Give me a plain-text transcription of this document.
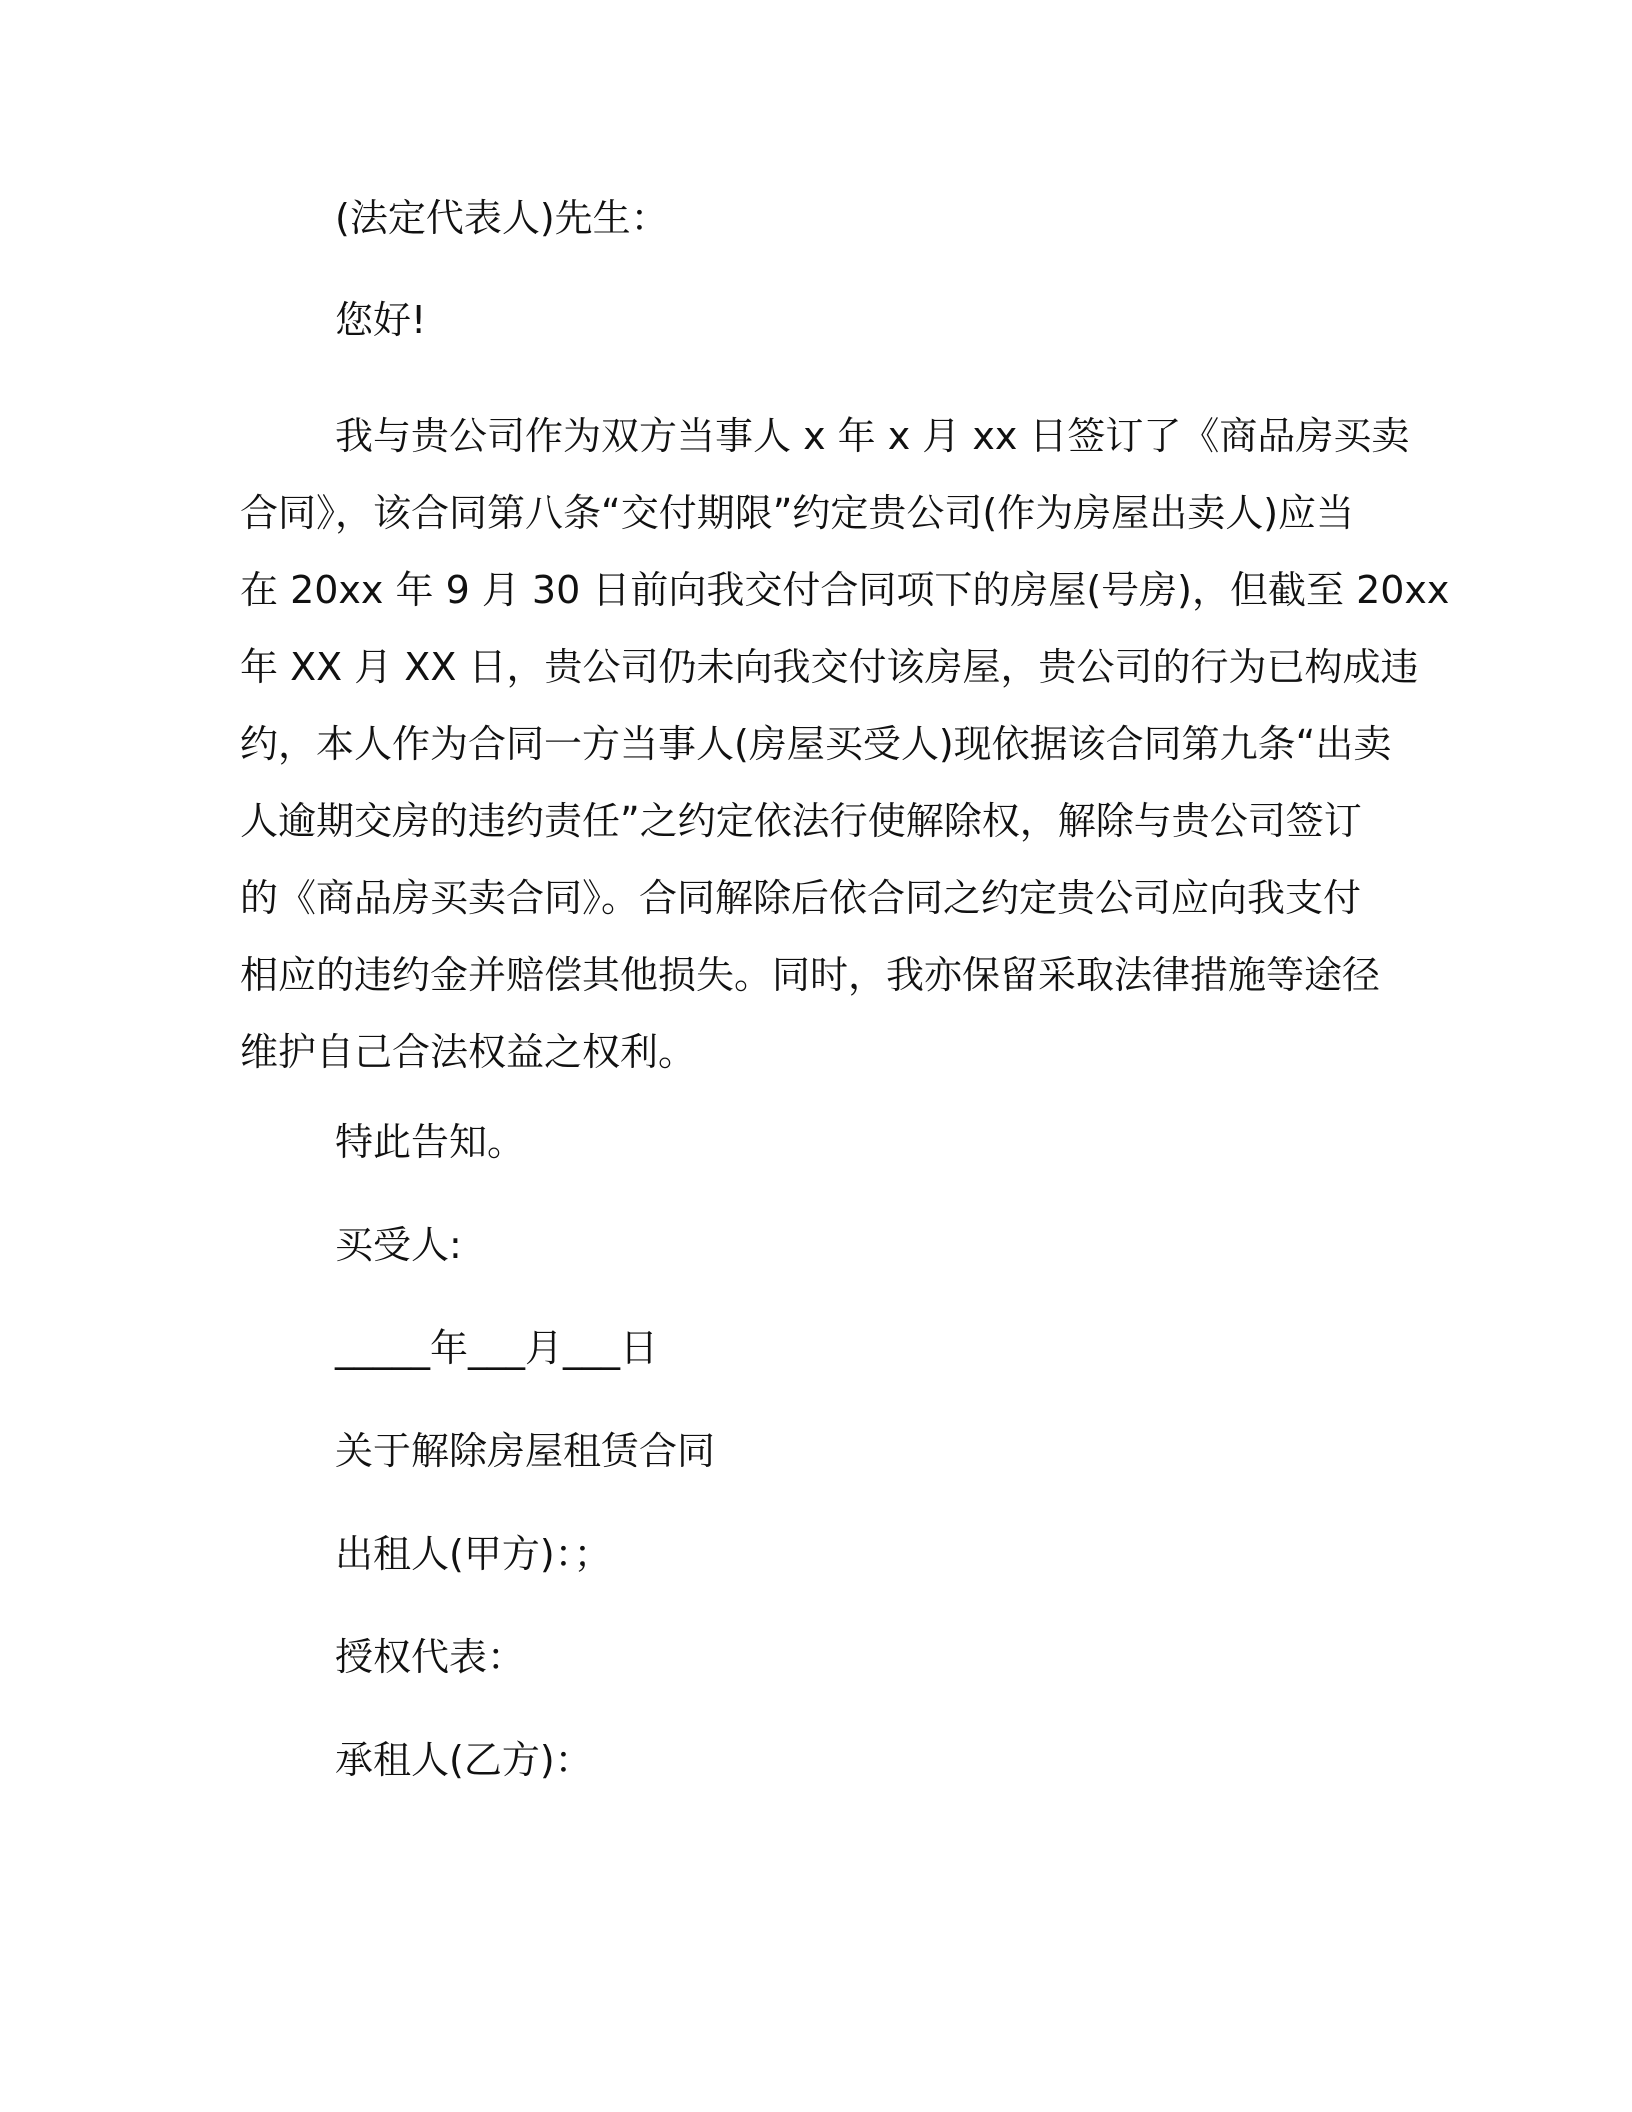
(法定代表人)先生：
您好!
我与贵公司作为双方当事人 x 年 x 月 xx 日签订了《商品房买卖
合同》，该合同第八条“交付期限”约定贵公司(作为房屋出卖人)应当
在 20xx 年 9 月 30 日前向我交付合同项下的房屋(号房)，但截至 20xx
年 XX 月 XX 日，贵公司仍未向我交付该房屋，贵公司的行为已构成违
约，本人作为合同一方当事人(房屋买受人)现依据该合同第九条“出卖
人逾期交房的违约责任”之约定依法行使解除权，解除与贵公司签订
的《商品房买卖合同》。合同解除后依合同之约定贵公司应向我支付
相应的违约金并赔偿其他损失。同时，我亦保留采取法律措施等途径
维护自己合法权益之权利。
特此告知。
买受人:
_____年___月___日
关于解除房屋租赁合同
出租人(甲方)：；
授权代表：
承租人(乙方)：
